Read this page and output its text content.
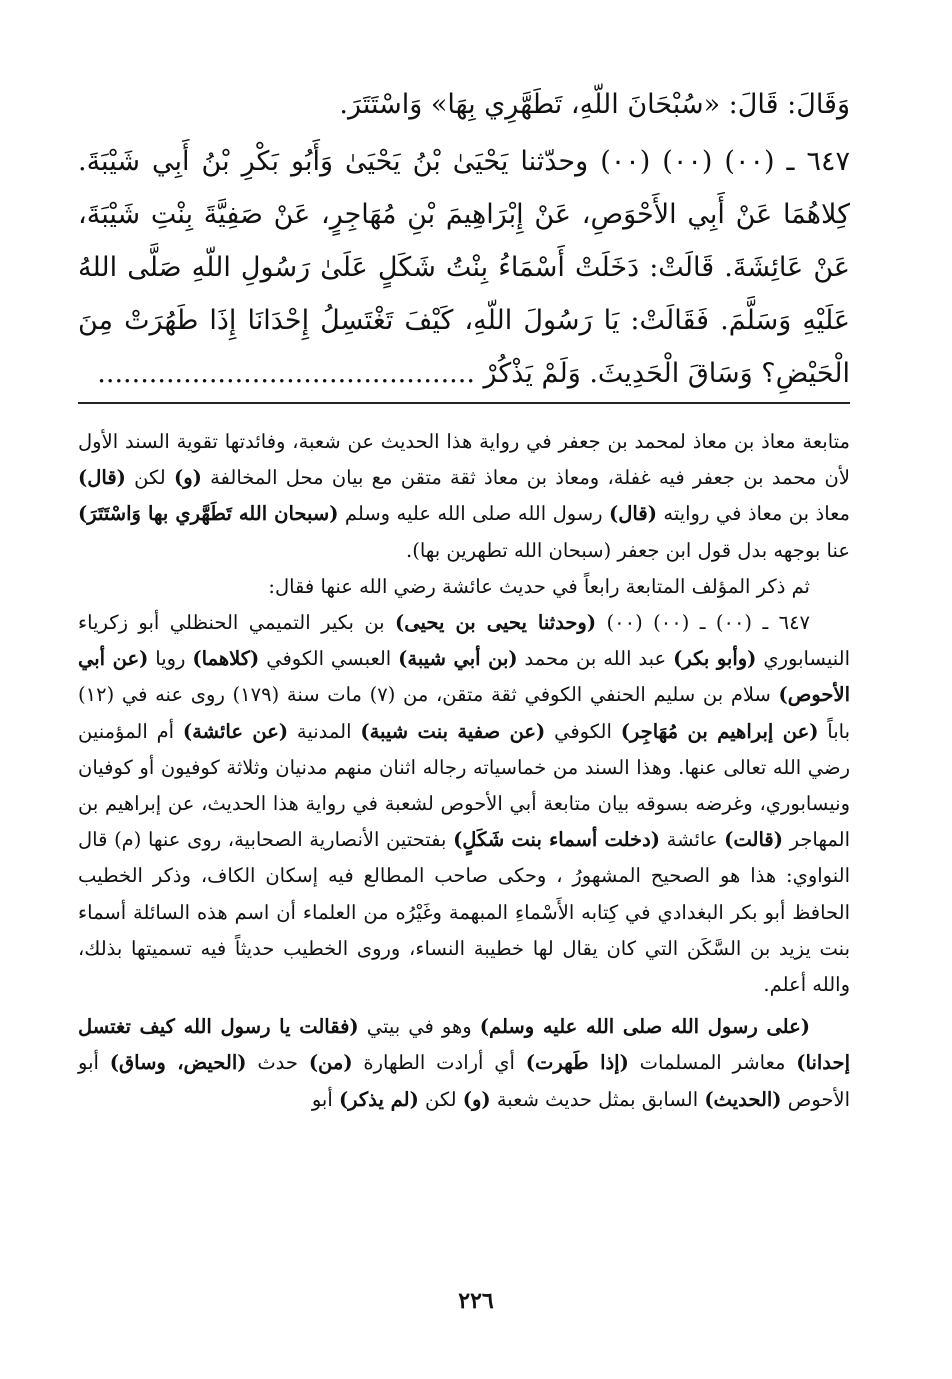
وَقَالَ: قَالَ: «سُبْحَانَ اللّهِ، تَطَهَّرِي بِهَا» وَاسْتَتَرَ.

٦٤٧ ـ (٠٠) (٠٠) (٠٠) وحدّثنا يَحْيَىٰ بْنُ يَحْيَىٰ وَأَبُو بَكْرِ بْنُ أَبِي شَيْبَةَ. كِلاهُمَا عَنْ أَبِي الأَحْوَصِ، عَنْ إِبْرَاهِيمَ بْنِ مُهَاجِرٍ، عَنْ صَفِيَّةَ بِنْتِ شَيْبَةَ، عَنْ عَائِشَةَ. قَالَتْ: دَخَلَتْ أَسْمَاءُ بِنْتُ شَكَلٍ عَلَىٰ رَسُولِ اللّهِ صَلَّى اللهُ عَلَيْهِ وَسَلَّمَ. فَقَالَتْ: يَا رَسُولَ اللّهِ، كَيْفَ تَغْتَسِلُ إِحْدَانَا إِذَا طَهُرَتْ مِنَ الْحَيْضِ؟ وَسَاقَ الْحَدِيثَ. وَلَمْ يَذْكُرْ ............................................

متابعة معاذ بن معاذ لمحمد بن جعفر في رواية هذا الحديث عن شعبة، وفائدتها تقوية السند الأول لأن محمد بن جعفر فيه غفلة، ومعاذ بن معاذ ثقة متقن مع بيان محل المخالفة (و) لكن (قال) معاذ بن معاذ في روايته (قال) رسول الله صلى الله عليه وسلم (سبحان الله تَطَهَّري بها وَاسْتَتَرَ) عنا بوجهه بدل قول ابن جعفر (سبحان الله تطهرين بها).

ثم ذكر المؤلف المتابعة رابعاً في حديث عائشة رضي الله عنها فقال:

٦٤٧ ـ (٠٠) ـ (٠٠) (٠٠) (وحدثنا يحيى بن يحيى) بن بكير التميمي الحنظلي أبو زكرياء النيسابوري (وأبو بكر) عبد الله بن محمد (بن أبي شيبة) العبسي الكوفي (كلاهما) رويا (عن أبي الأحوص) سلام بن سليم الحنفي الكوفي ثقة متقن، من (٧) مات سنة (١٧٩) روى عنه في (١٢) باباً (عن إبراهيم بن مُهَاجِر) الكوفي (عن صفية بنت شيبة) المدنية (عن عائشة) أم المؤمنين رضي الله تعالى عنها. وهذا السند من خماسياته رجاله اثنان منهم مدنيان وثلاثة كوفيون أو كوفيان ونيسابوري، وغرضه بسوقه بيان متابعة أبي الأحوص لشعبة في رواية هذا الحديث، عن إبراهيم بن المهاجر (قالت) عائشة (دخلت أسماء بنت شَكَلٍ) بفتحتين الأنصارية الصحابية، روى عنها (م) قال النواوي: هذا هو الصحيح المشهورُ ، وحكى صاحب المطالع فيه إسكان الكاف، وذكر الخطيب الحافظ أبو بكر البغدادي في كِتابه الأَسْماءِ المبهمة وغَيْرُه من العلماء أن اسم هذه السائلة أسماء بنت يزيد بن السَّكَن التي كان يقال لها خطيبة النساء، وروى الخطيب حديثاً فيه تسميتها بذلك، والله أعلم.

(على رسول الله صلى الله عليه وسلم) وهو في بيتي (فقالت يا رسول الله كيف تغتسل إحدانا) معاشر المسلمات (إذا طَهرت) أي أرادت الطهارة (من) حدث (الحيض، وساق) أبو الأحوص (الحديث) السابق بمثل حديث شعبة (و) لكن (لم يذكر) أبو

٢٢٦
